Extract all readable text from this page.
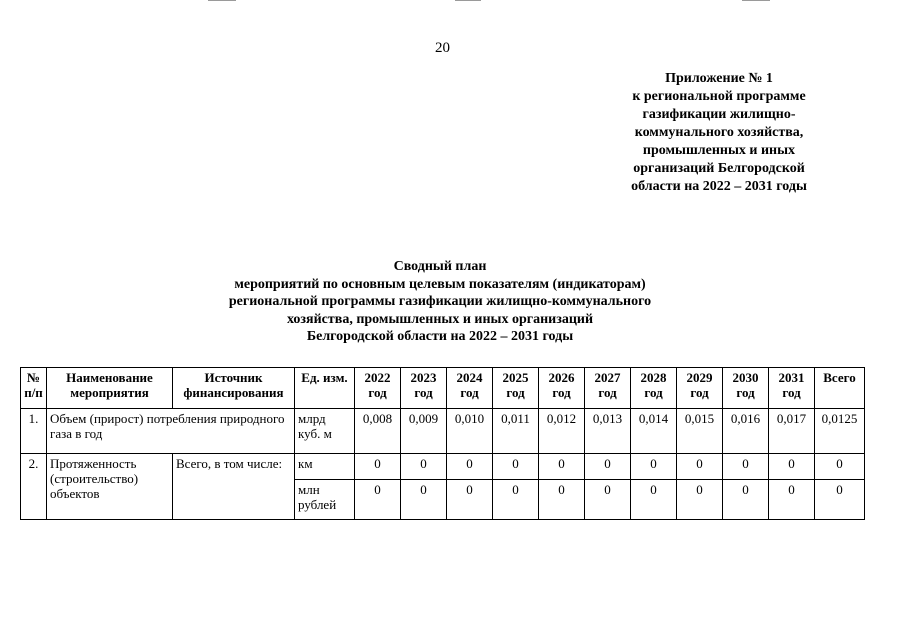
20
Приложение № 1
к региональной программе
газификации жилищно-
коммунального хозяйства,
промышленных и иных
организаций Белгородской
области на 2022 – 2031 годы
Сводный план
мероприятий по основным целевым показателям (индикаторам)
региональной программы газификации жилищно-коммунального
хозяйства, промышленных и иных организаций
Белгородской области на 2022 – 2031 годы
№ п/п	Наименование мероприятия	Источник финансирования	Ед. изм.	2022 год	2023 год	2024 год	2025 год	2026 год	2027 год	2028 год	2029 год	2030 год	2031 год	Всего
1.	Объем (прирост) потребления природного газа в год		млрд куб. м	0,008	0,009	0,010	0,011	0,012	0,013	0,014	0,015	0,016	0,017	0,0125
2.	Протяженность (строительство) объектов	Всего, в том числе:	км	0	0	0	0	0	0	0	0	0	0	0
			млн рублей	0	0	0	0	0	0	0	0	0	0	0
